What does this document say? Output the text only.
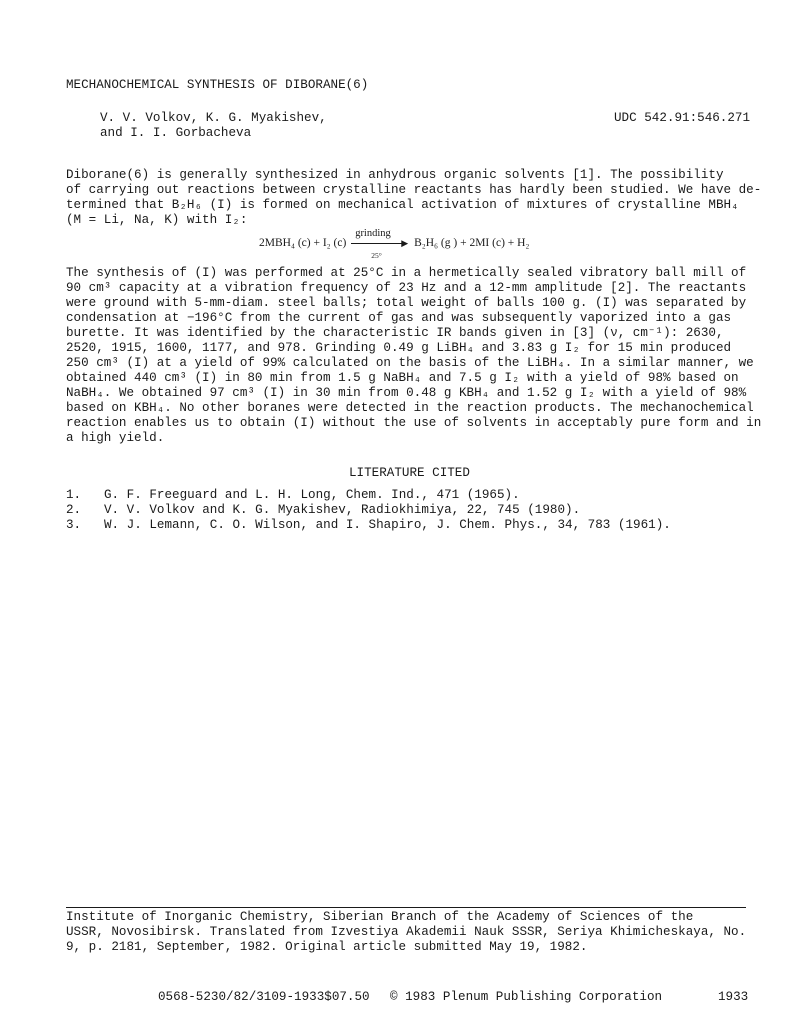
MECHANOCHEMICAL SYNTHESIS OF DIBORANE(6)
V. V. Volkov, K. G. Myakishev,
and I. I. Gorbacheva
UDC 542.91:546.271
Diborane(6) is generally synthesized in anhydrous organic solvents [1]. The possibility
of carrying out reactions between crystalline reactants has hardly been studied. We have de-
termined that B₂H₆ (I) is formed on mechanical activation of mixtures of crystalline MBH₄
(M = Li, Na, K) with I₂:
2MBH₄ (c) + I₂ (c)
grinding
▶
25°
B₂H₆ (g ) + 2MI (c) + H₂
The synthesis of (I) was performed at 25°C in a hermetically sealed vibratory ball mill of
90 cm³ capacity at a vibration frequency of 23 Hz and a 12-mm amplitude [2]. The reactants
were ground with 5-mm-diam. steel balls; total weight of balls 100 g. (I) was separated by
condensation at −196°C from the current of gas and was subsequently vaporized into a gas
burette. It was identified by the characteristic IR bands given in [3] (ν, cm⁻¹): 2630,
2520, 1915, 1600, 1177, and 978. Grinding 0.49 g LiBH₄ and 3.83 g I₂ for 15 min produced
250 cm³ (I) at a yield of 99% calculated on the basis of the LiBH₄. In a similar manner, we
obtained 440 cm³ (I) in 80 min from 1.5 g NaBH₄ and 7.5 g I₂ with a yield of 98% based on
NaBH₄. We obtained 97 cm³ (I) in 30 min from 0.48 g KBH₄ and 1.52 g I₂ with a yield of 98%
based on KBH₄. No other boranes were detected in the reaction products. The mechanochemical
reaction enables us to obtain (I) without the use of solvents in acceptably pure form and in
a high yield.
LITERATURE CITED
1. G. F. Freeguard and L. H. Long, Chem. Ind., 471 (1965).
2. V. V. Volkov and K. G. Myakishev, Radiokhimiya, 22, 745 (1980).
3. W. J. Lemann, C. O. Wilson, and I. Shapiro, J. Chem. Phys., 34, 783 (1961).
Institute of Inorganic Chemistry, Siberian Branch of the Academy of Sciences of the
USSR, Novosibirsk. Translated from Izvestiya Akademii Nauk SSSR, Seriya Khimicheskaya, No.
9, p. 2181, September, 1982. Original article submitted May 19, 1982.
0568-5230/82/3109-1933$07.50 © 1983 Plenum Publishing Corporation	1933
